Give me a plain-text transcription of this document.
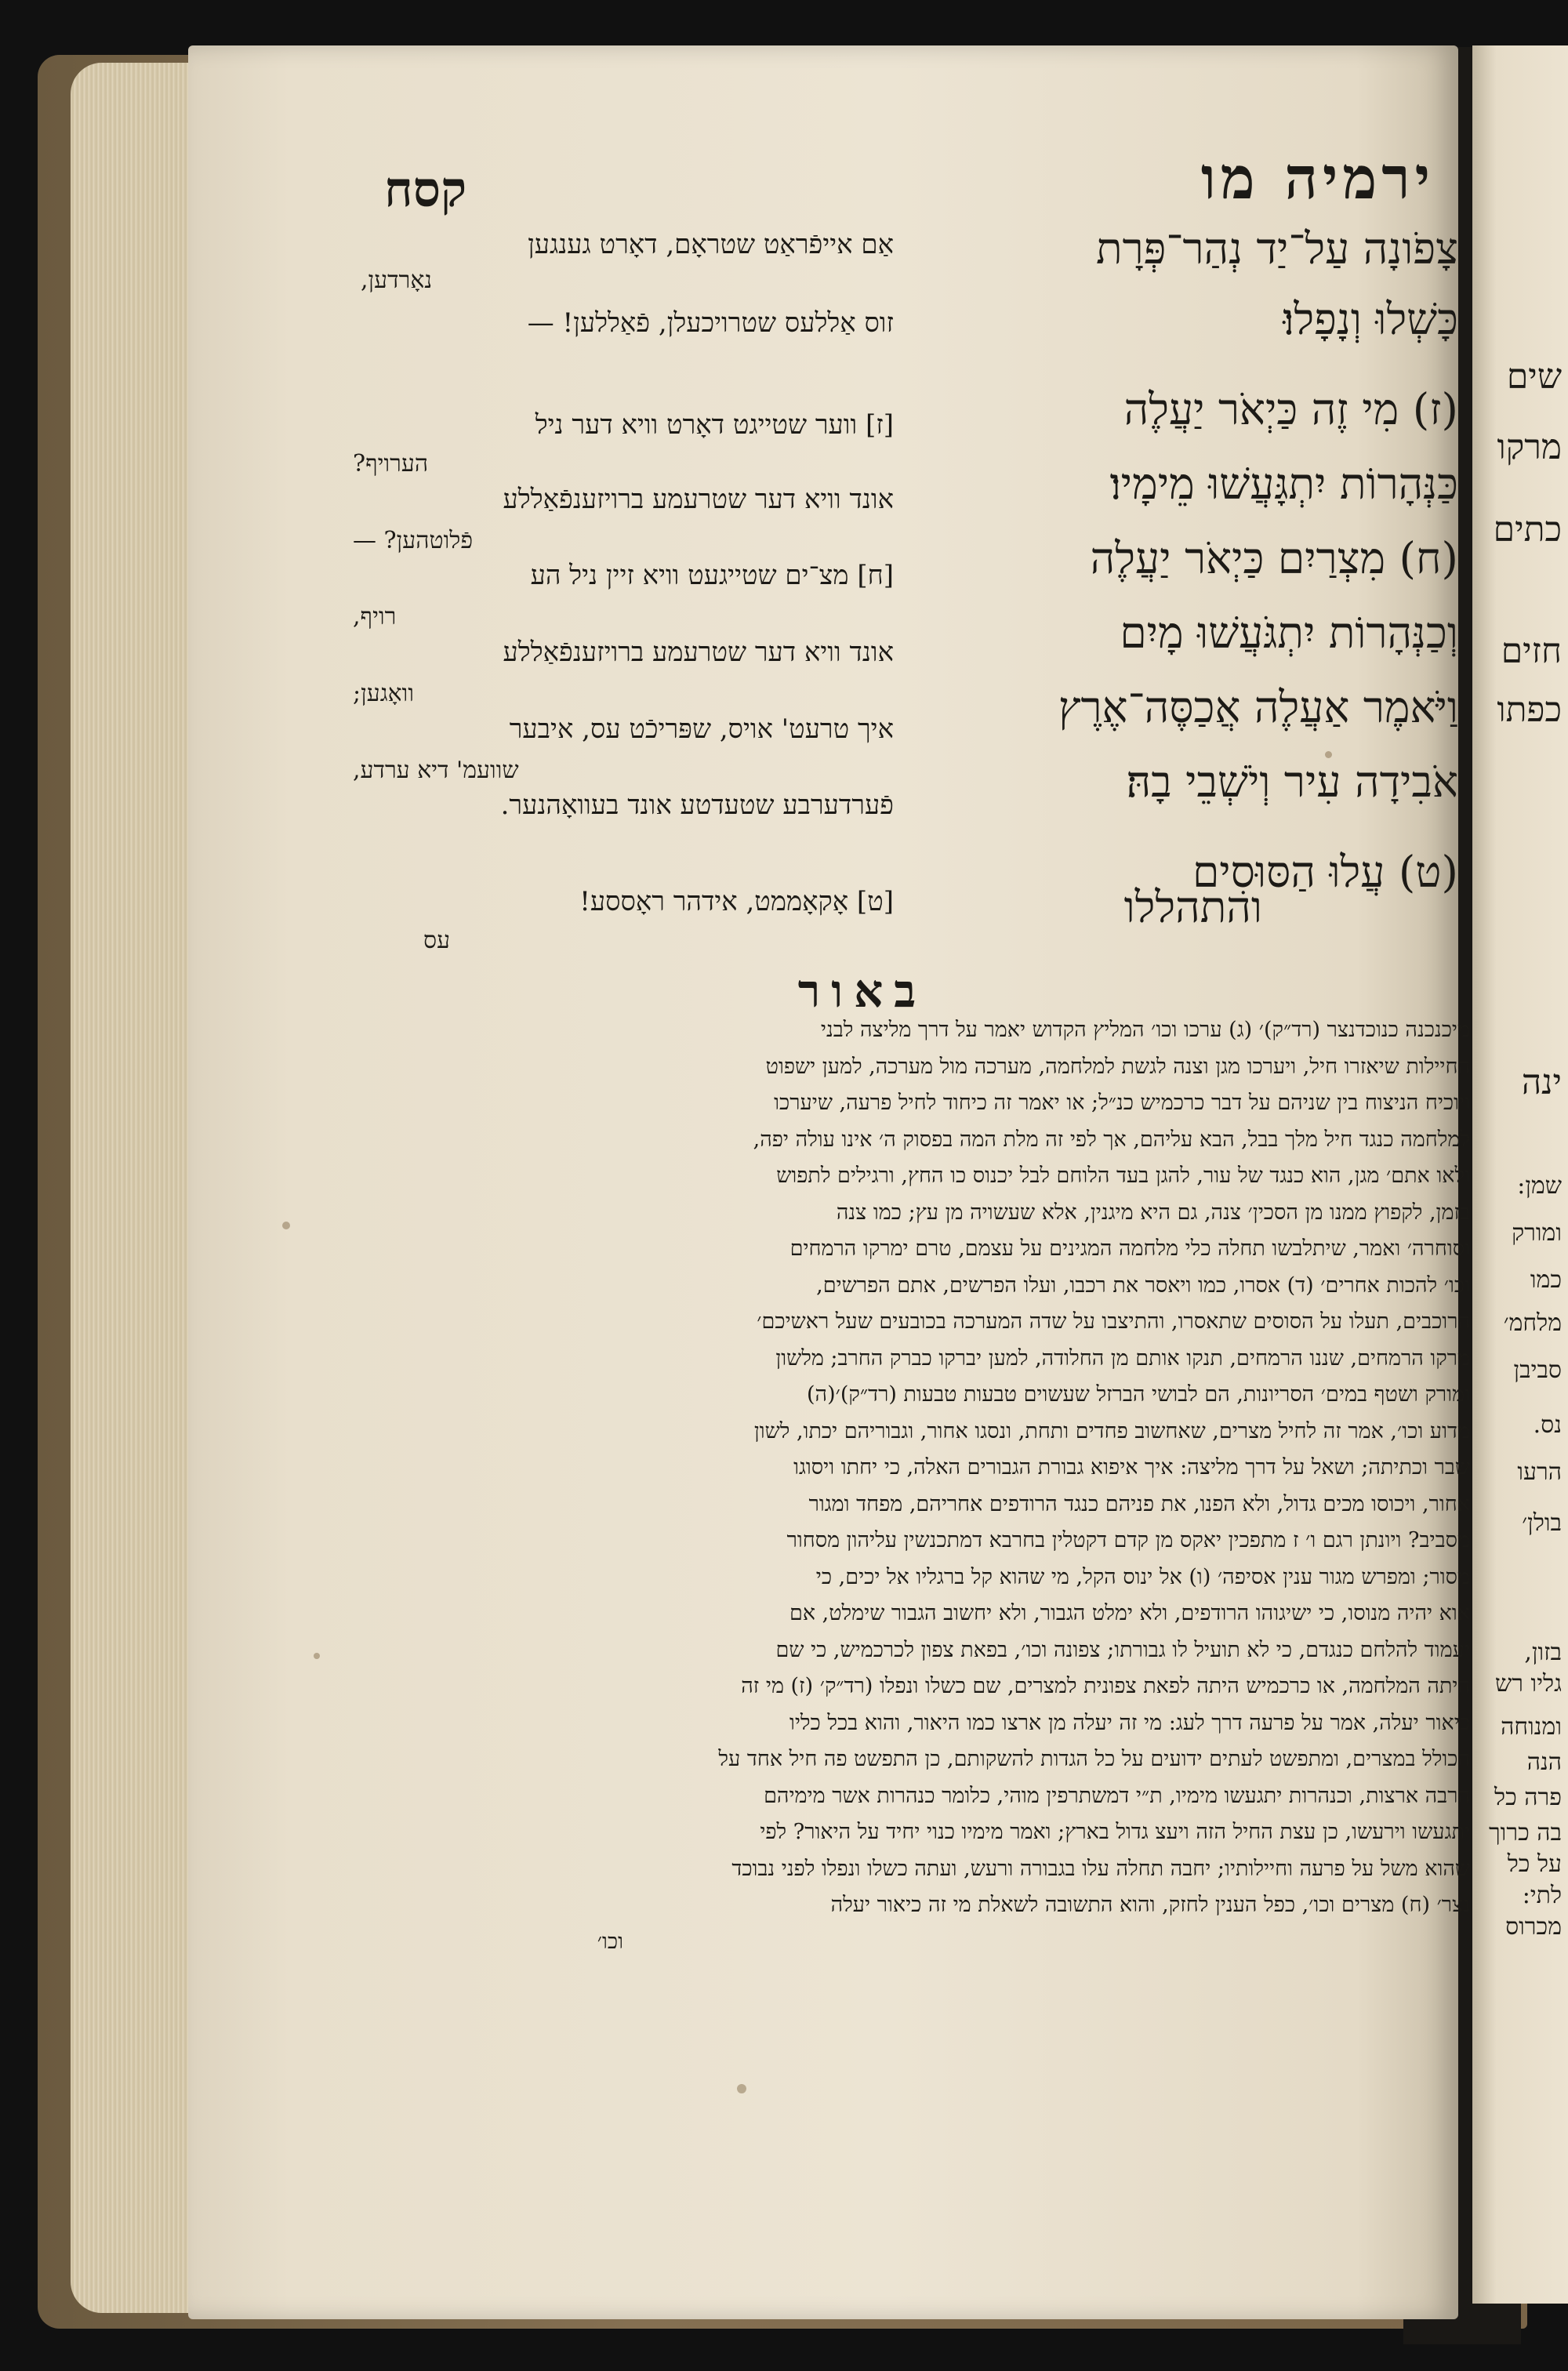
קסח	ירמיה מו
צָפֹונָה עַל־יַד נְהַר־פְּרָת
כָּשְׁלוּ וְנָפָלוּ׃
(ז) מִי זֶה כַּיְאֹר יַעֲלֶה
כַּנְּהָרוֹת יִתְגָּעֲשׁוּ מֵימָיו׃
(ח) מִצְרַיִם כַּיְאֹר יַעֲלֶה
וְכַנְּהָרוֹת יִתְגֹּעֲשׁוּ מָיִם
וַיֹּאמֶר אַעֲלֶה אֲכַסֶּה־אֶרֶץ
אֹבִידָה עִיר וְיֹשְׁבֵי בָהּ׃
(ט) עֲלוּ הַסּוּסִים
והתהללו
אַם אייפֿראַט שטראָם, דאָרט גענגען
נאָרדען,
זוס אַללעס שטרויכעלן, פֿאַללען! —
[ז] ווער שטייגט דאָרט וויא דער ניל
הערויף?
אונד וויא דער שטרעמע ברויזענפֿאַללע
פֿלוטהען? —
[ח] מצ־ים שטייגעט וויא זיין ניל הע
רויף,
אונד וויא דער שטרעמע ברויזענפֿאַללע
וואָגען;
איך טרעט' אויס, שפּריכֿט עס, איבער
שוועמ' דיא ערדע,
פֿערדערבע שטעדטע אונד בעוואָהנער.
[ט] אָקאָממט, אידהר ראָססע!
עס
באור
מיכנכנה כנוכדנצר (רד״ק)׳ (ג) ערכו וכו׳ המליץ הקדוש יאמר על דרך מליצה לבני
החיילות שיאזרו חיל, ויערכו מגן וצנה לגשת למלחמה, מערכה מול מערכה, למען ישפוט
ויוכיח הניצוח בין שניהם על דבר כרכמיש כנ״ל; או יאמר זה כיחוד לחיל פרעה, שיערכו
למלחמה כנגד חיל מלך בבל, הבא עליהם, אך לפי זה מלת המה בפסוק ה׳ אינו עולה יפה,
ולאו אתם׳ מגן, הוא כנגד של עור, להגן בעד הלוחם לבל יכנוס כו החץ, ורגילים לתפוש
בזמן, לקפוץ ממנו מן הסכין׳ צנה, גם היא מיגנין, אלא שעשויה מן עץ; כמו צנה
וסוחרה׳ ואמר, שיתלבשו תחלה כלי מלחמה המגינים על עצמם, טרם ימרקו הרמחים
וכו׳ להכות אחרים׳ (ד) אסרו, כמו ויאסר את רכבו, ועלו הפרשים, אתם הפרשים,
הרוכבים, תעלו על הסוסים שתאסרו, והתיצבו על שדה המערכה בכובעים שעל ראשיכם׳
מרקו הרמחים, שננו הרמחים, תנקו אותם מן החלודה, למען יברקו כברק החרב; מלשון
ומורק ושטף במים׳ הסריונות, הם לבושי הברזל שעשוים טבעות טבעות (רד״ק)׳(ה)
מדוע וכו׳, אמר זה לחיל מצרים, שאחשוב פחדים ותחת, ונסגו אחור, וגבוריהם יכתו, לשון
שבר וכתיתה; ושאל על דרך מליצה: איך איפוא גבורת הגבורים האלה, כי יחתו ויסוגו
אחור, ויכוסו מכים גדול, ולא הפנו, את פניהם כנגד הרודפים אחריהם, מפחד ומגור
מסביב? ויונתן רגם ו׳ ז מתפכין יאקס מן קדם דקטלין בחרבא דמתכנשין עליהון מסחור
מסור; ומפרש מגור ענין אסיפה׳ (ו) אל ינוס הקל, מי שהוא קל ברגליו אל יכים, כי
אוא יהיה מנוסו, כי ישיגוהו הרודפים, ולא ימלט הגבור, ולא יחשוב הגבור שימלט, אם
יעמוד להלחם כנגדם, כי לא תועיל לו גבורתו; צפונה וכו׳, בפאת צפון לכרכמיש, כי שם
היתה המלחמה, או כרכמיש היתה לפאת צפונית למצרים, שם כשלו ונפלו (רד״ק׳ (ז) מי זה
כיאור יעלה, אמר על פרעה דרך לעג: מי זה יעלה מן ארצו כמו היאור, והוא בכל כליו
הכולל במצרים, ומתפשט לעתים ידועים על כל הגדות להשקותם, כן התפשט פה חיל אחד על
הרבה ארצות, וכנהרות יתגעשו מימיו, ת״י דמשתרפין מוהי, כלומר כנהרות אשר מימיהם
יתגעשו וירעשו, כן עצת החיל הזה ויעצ גדול בארץ; ואמר מימיו כנוי יחיד על היאור? לפי
שהוא משל על פרעה וחיילותיו; יחבה תחלה עלו בגבורה ורעש, ועתה כשלו ונפלו לפני נבוכד
נצר׳ (ח) מצרים וכו׳, כפל הענין לחזק, והוא התשובה לשאלת מי זה כיאור יעלה
וכו׳
שים
מרקו
כתים
חזים
כפתו
ינה
שמן:
ומורק
כמו
מלחמ׳
סביבן
נס.
הרעו
בולן׳
בזון,
גליו רש
ומנוחה
הנה
פרה כל
בה כרוך
על כל
לתי:
מכרוס
